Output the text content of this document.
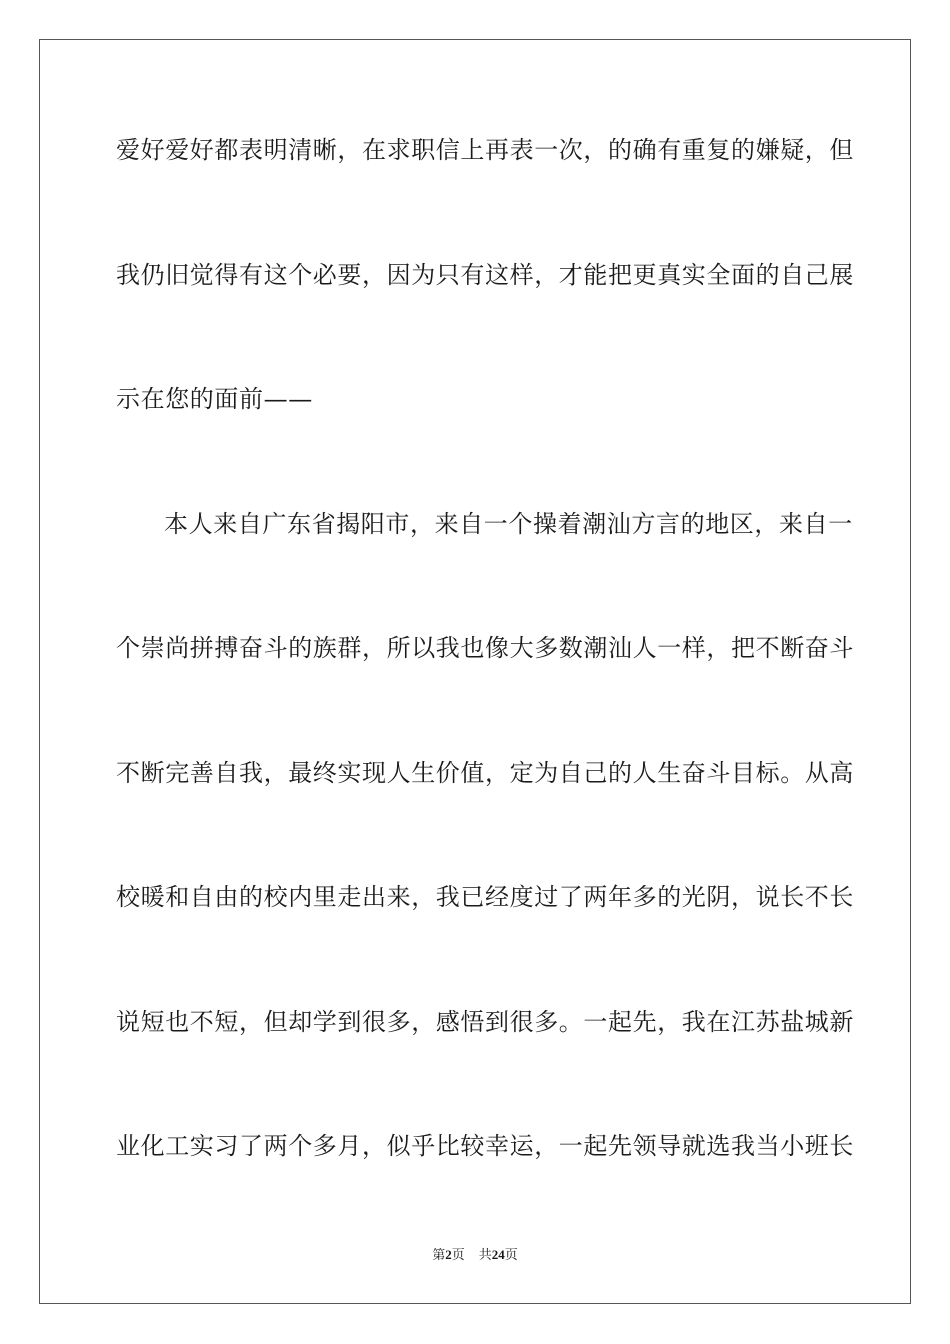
爱好爱好都表明清晰，在求职信上再表一次，的确有重复的嫌疑，但
我仍旧觉得有这个必要，因为只有这样，才能把更真实全面的自己展
示在您的面前——
本人来自广东省揭阳市，来自一个操着潮汕方言的地区，来自一
个崇尚拼搏奋斗的族群，所以我也像大多数潮汕人一样，把不断奋斗
不断完善自我，最终实现人生价值，定为自己的人生奋斗目标。从高
校暖和自由的校内里走出来，我已经度过了两年多的光阴，说长不长
说短也不短，但却学到很多，感悟到很多。一起先，我在江苏盐城新
业化工实习了两个多月，似乎比较幸运，一起先领导就选我当小班长
第2页 共24页
